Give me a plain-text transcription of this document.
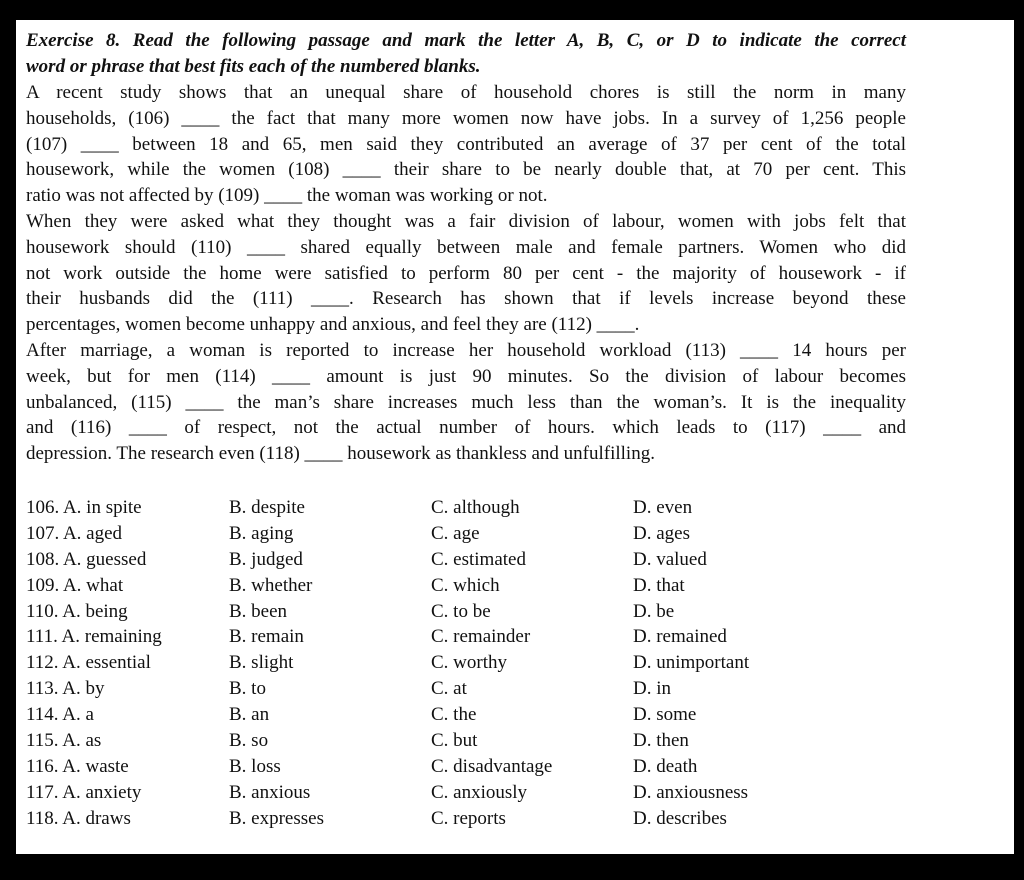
Exercise 8. Read the following passage and mark the letter A, B, C, or D to indicate the correct
word or phrase that best fits each of the numbered blanks.
A recent study shows that an unequal share of household chores is still the norm in many
households, (106) ____ the fact that many more women now have jobs. In a survey of 1,256 people
(107) ____ between 18 and 65, men said they contributed an average of 37 per cent of the total
housework, while the women (108) ____ their share to be nearly double that, at 70 per cent. This
ratio was not affected by (109) ____ the woman was working or not.
When they were asked what they thought was a fair division of labour, women with jobs felt that
housework should (110) ____ shared equally between male and female partners. Women who did
not work outside the home were satisfied to perform 80 per cent - the majority of housework - if
their husbands did the (111) ____. Research has shown that if levels increase beyond these
percentages, women become unhappy and anxious, and feel they are (112) ____.
After marriage, a woman is reported to increase her household workload (113) ____ 14 hours per
week, but for men (114) ____ amount is just 90 minutes. So the division of labour becomes
unbalanced, (115) ____ the man’s share increases much less than the woman’s. It is the inequality
and (116) ____ of respect, not the actual number of hours. which leads to (117) ____ and
depression. The research even (118) ____ housework as thankless and unfulfilling.
106. A. in spite	B. despite	C. although	D. even
107. A. aged	B. aging	C. age	D. ages
108. A. guessed	B. judged	C. estimated	D. valued
109. A. what	B. whether	C. which	D. that
110. A. being	B. been	C. to be	D. be
111. A. remaining	B. remain	C. remainder	D. remained
112. A. essential	B. slight	C. worthy	D. unimportant
113. A. by	B. to	C. at	D. in
114. A. a	B. an	C. the	D. some
115. A. as	B. so	C. but	D. then
116. A. waste	B. loss	C. disadvantage	D. death
117. A. anxiety	B. anxious	C. anxiously	D. anxiousness
118. A. draws	B. expresses	C. reports	D. describes
